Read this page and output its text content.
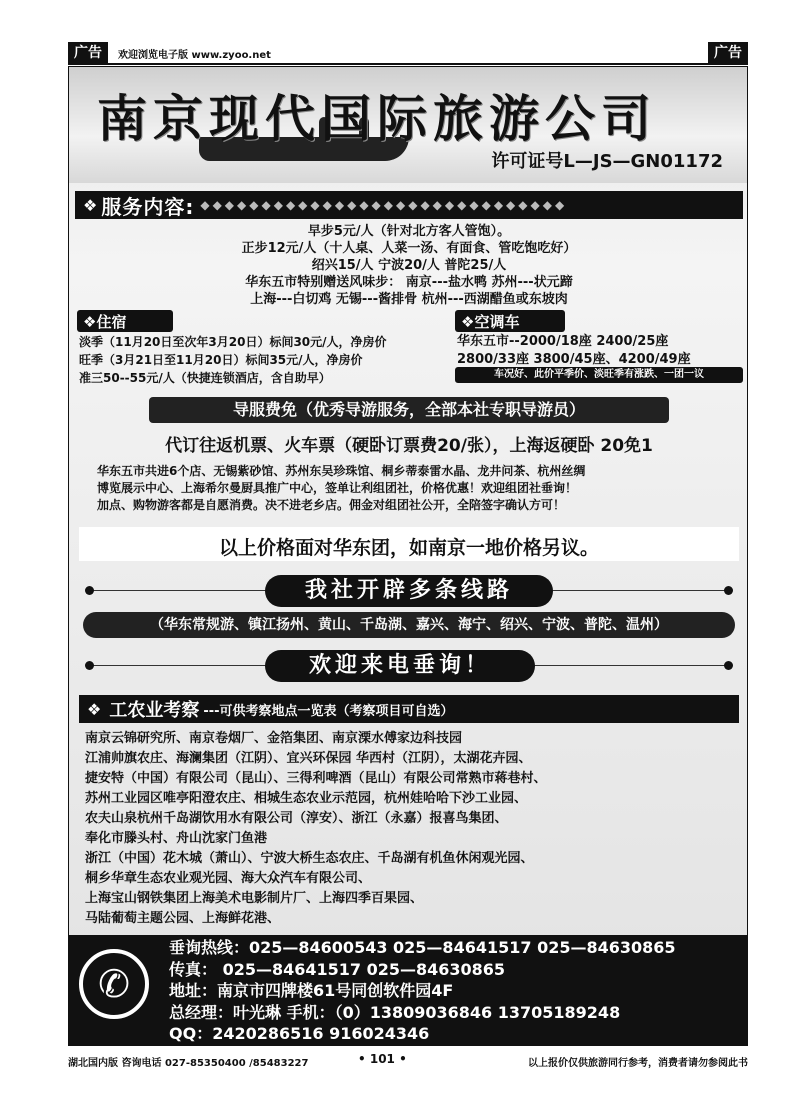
广告	欢迎浏览电子版 www.zyoo.net	广告
南京现代国际旅游公司
许可证号L—JS—GN01172
❖ 服务内容: ◆◆◆◆◆◆◆◆◆◆◆◆◆◆◆◆◆◆◆◆◆◆◆◆◆◆◆◆◆◆
早步5元/人（针对北方客人管饱）。
正步12元/人（十人桌、人菜一汤、有面食、管吃饱吃好）
绍兴15/人 宁波20/人 普陀25/人
华东五市特别赠送风味步： 南京---盐水鸭 苏州---状元蹄
上海---白切鸡 无锡---酱排骨 杭州---西湖醋鱼或东坡肉
❖住宿
淡季（11月20日至次年3月20日）标间30元/人，净房价
旺季（3月21日至11月20日）标间35元/人，净房价
准三50--55元/人（快捷连锁酒店，含自助早）
❖空调车
华东五市--2000/18座 2400/25座
2800/33座 3800/45座、4200/49座
车况好、此价平季价、淡旺季有涨跌、一团一议
导服费免（优秀导游服务，全部本社专职导游员）
代订往返机票、火车票（硬卧订票费20/张），上海返硬卧 20免1
华东五市共进6个店、无锡紫砂馆、苏州东吴珍珠馆、桐乡蒂泰雷水晶、龙井问茶、杭州丝绸
博览展示中心、上海希尔曼厨具推广中心，签单让利组团社，价格优惠！欢迎组团社垂询！
加点、购物游客都是自愿消费。决不进老乡店。佣金对组团社公开，全陪签字确认方可！
以上价格面对华东团，如南京一地价格另议。
我社开辟多条线路
（华东常规游、镇江扬州、黄山、千岛湖、嘉兴、海宁、绍兴、宁波、普陀、温州）
欢迎来电垂询！
❖ 工农业考察 ---可供考察地点一览表（考察项目可自选）
南京云锦研究所、南京卷烟厂、金箔集团、南京溧水傅家边科技园
江浦帅旗农庄、海澜集团（江阴）、宜兴环保园 华西村（江阴），太湖花卉园、
捷安特（中国）有限公司（昆山）、三得利啤酒（昆山）有限公司常熟市蒋巷村、
苏州工业园区唯亭阳澄农庄、相城生态农业示范园，杭州娃哈哈下沙工业园、
农夫山泉杭州千岛湖饮用水有限公司（淳安）、浙江（永嘉）报喜鸟集团、
奉化市滕头村、舟山沈家门鱼港
浙江（中国）花木城（萧山）、宁波大桥生态农庄、千岛湖有机鱼休闲观光园、
桐乡华章生态农业观光园、海大众汽车有限公司、
上海宝山钢铁集团上海美术电影制片厂、上海四季百果园、
马陆葡萄主题公园、上海鲜花港、
✆
垂询热线：025—84600543 025—84641517 025—84630865
传真： 025—84641517 025—84630865
地址：南京市四牌楼61号同创软件园4F
总经理：叶光琳 手机：（0）13809036846 13705189248
QQ：2420286516 916024346
湖北国内版 咨询电话 027-85350400 /85483227	• 101 •	以上报价仅供旅游同行参考，消费者请勿参阅此书
